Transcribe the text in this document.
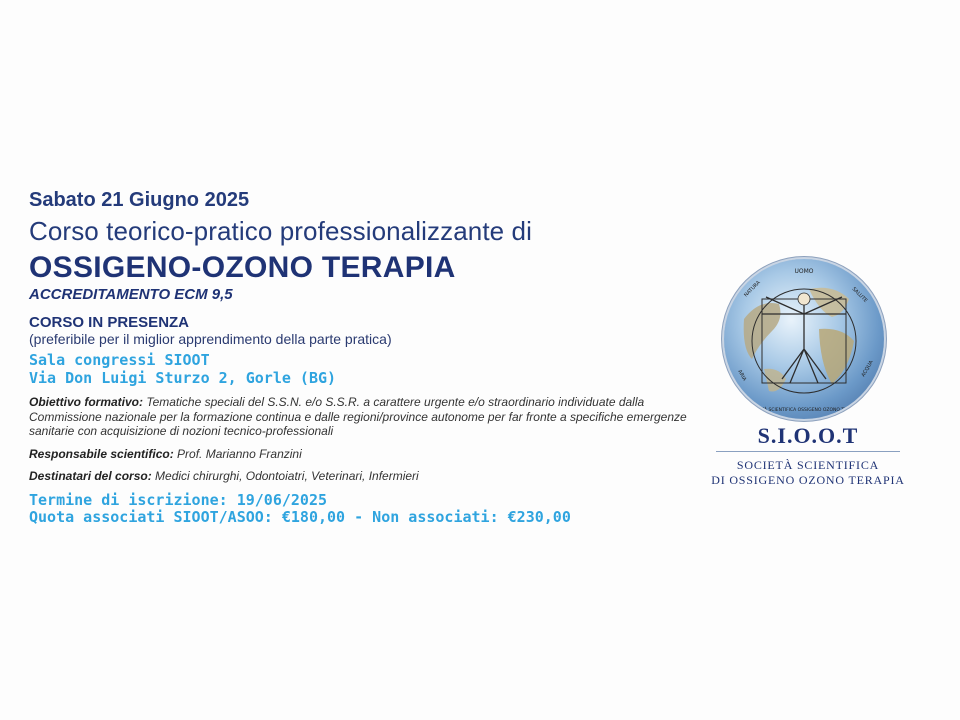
Sabato 21 Giugno 2025

Corso teorico-pratico professionalizzante di

OSSIGENO-OZONO TERAPIA

ACCREDITAMENTO ECM 9,5

CORSO IN PRESENZA

(preferibile per il miglior apprendimento della parte pratica)

Sala congressi SIOOT

Via Don Luigi Sturzo 2, Gorle (BG)

Obiettivo formativo: Tematiche speciali del S.S.N. e/o S.S.R. a carattere urgente e/o straordinario individuate dalla Commissione nazionale per la formazione continua e dalle regioni/province autonome per far fronte a specifiche emergenze sanitarie con acquisizione di nozioni tecnico-professionali

Responsabile scientifico: Prof. Marianno Franzini

Destinatari del corso: Medici chirurghi, Odontoiatri, Veterinari, Infermieri

Termine di iscrizione: 19/06/2025

Quota associati SIOOT/ASOO: €180,00 - Non associati: €230,00

UOMO
NATURA	SALUTE
ARIA	ACQUA
SOCIETÀ SCIENTIFICA OSSIGENO OZONO TERAPIA
S.I.O.O.T
SOCIETÀ SCIENTIFICA
DI OSSIGENO OZONO TERAPIA
